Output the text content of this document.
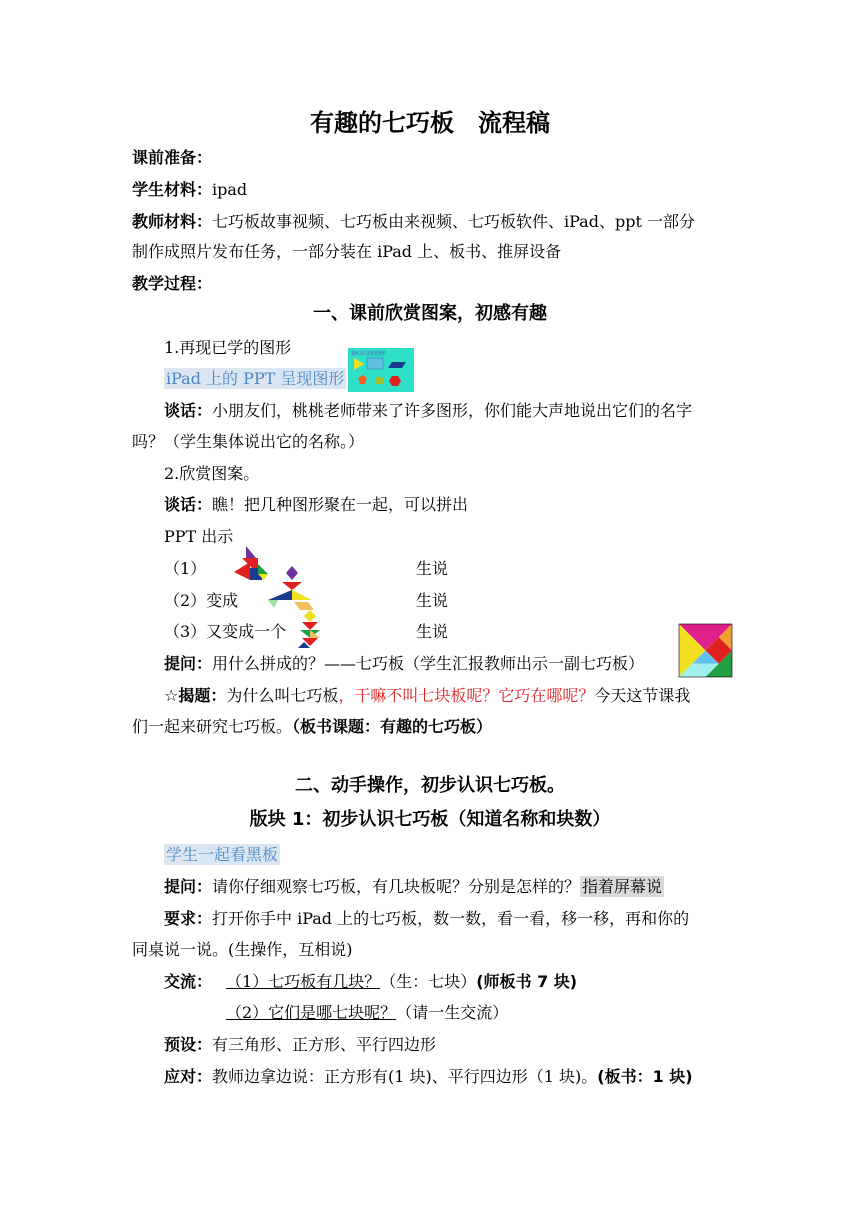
有趣的七巧板　流程稿
课前准备：
学生材料：ipad
教师材料：七巧板故事视频、七巧板由来视频、七巧板软件、iPad、ppt 一部分
制作成照片发布任务，一部分装在 iPad 上、板书、推屏设备
教学过程：
一、课前欣赏图案，初感有趣
1.再现已学的图形
iPad 上的 PPT 呈现图形
我们认识的图形
谈话：小朋友们，桃桃老师带来了许多图形，你们能大声地说出它们的名字
吗？（学生集体说出它的名称。）
2.欣赏图案。
谈话：瞧！把几种图形聚在一起，可以拼出
PPT 出示
（1）	生说
（2）变成	生说
（3）又变成一个	生说
提问：用什么拼成的？——七巧板（学生汇报教师出示一副七巧板）
☆揭题：为什么叫七巧板，干嘛不叫七块板呢？它巧在哪呢？今天这节课我
们一起来研究七巧板。（板书课题：有趣的七巧板）
二、动手操作，初步认识七巧板。
版块 1：初步认识七巧板（知道名称和块数）
学生一起看黑板
提问：请你仔细观察七巧板，有几块板呢？分别是怎样的？ 指着屏幕说
要求：打开你手中 iPad 上的七巧板，数一数，看一看，移一移，再和你的
同桌说一说。(生操作，互相说)
交流： （1）七巧板有几块？（生：七块）(师板书 7 块)
（2）它们是哪七块呢？（请一生交流）
预设：有三角形、正方形、平行四边形
应对：教师边拿边说：正方形有(1 块)、平行四边形（1 块)。(板书：1 块)
